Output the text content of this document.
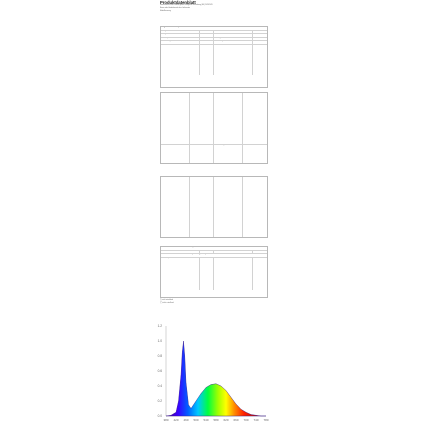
Produktdatenblatt
Informationen zum Produkt gemäß Delegierte Verordnung (EU) 2019/2015
Name oder Handelsmarke des Lieferanten
Modellkennung
Allgemeine Produktparameter
Energieeffizienzklasse	Lichttechnische Fläche
Energieverbrauch im Ein-Zustand	Nutzlichtstrom
Farbtemperatur	Leistung im Ein-Zustand
Farbwiedergabeindex	Abmessungen
Dimmbar	Verschiebungsfaktor
Parameter für LED- und OLED-Lichtquellen
Farbkonsistenz	Flimmermetrik
Parameter für LED- und OLED-Netzspannungslichtquellen
Stroboskopeffekt-Metrik
(*) nicht zutreffend
(**) nicht zutreffend
0.0
0.2
0.4
0.6
0.8
1.0
1.2
380 420 460 500 540 580 620 660 700 740 780
